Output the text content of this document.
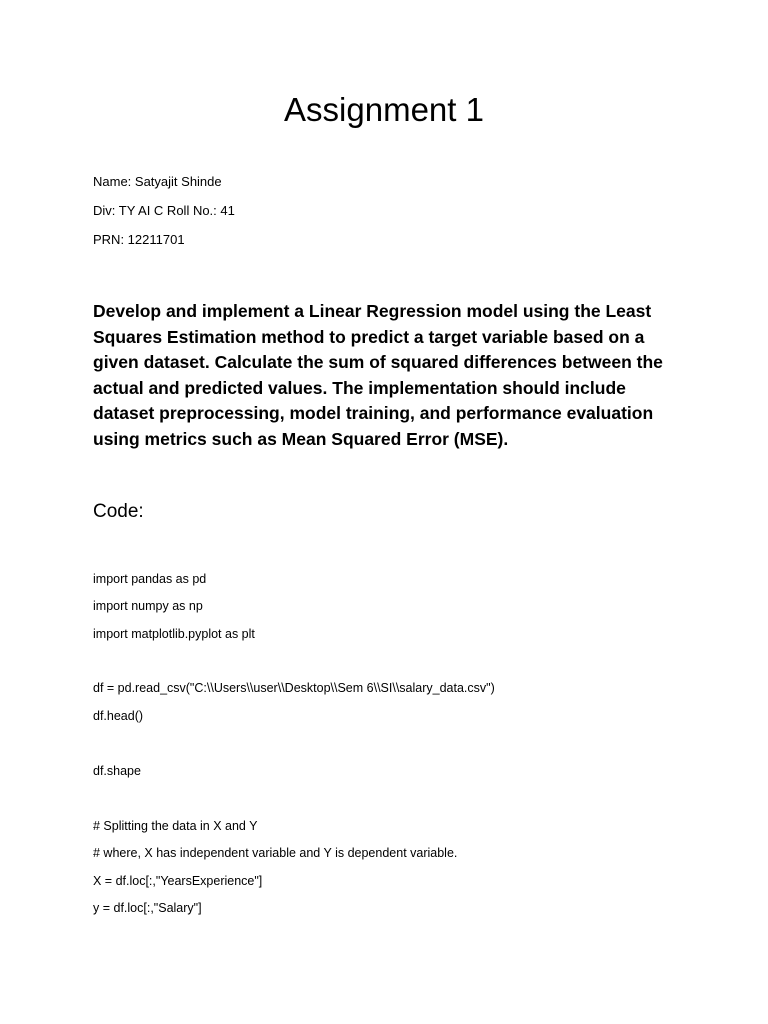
Assignment 1

Name: Satyajit Shinde

Div: TY AI C Roll No.: 41

PRN: 12211701

Develop and implement a Linear Regression model using the Least Squares Estimation method to predict a target variable based on a given dataset. Calculate the sum of squared differences between the actual and predicted values. The implementation should include dataset preprocessing, model training, and performance evaluation using metrics such as Mean Squared Error (MSE).

Code:

import pandas as pd

import numpy as np

import matplotlib.pyplot as plt

df = pd.read_csv("C:\\Users\\user\\Desktop\\Sem 6\\SI\\salary_data.csv")

df.head()

df.shape

# Splitting the data in X and Y

# where, X has independent variable and Y is dependent variable.

X = df.loc[:,"YearsExperience"]

y = df.loc[:,"Salary"]
